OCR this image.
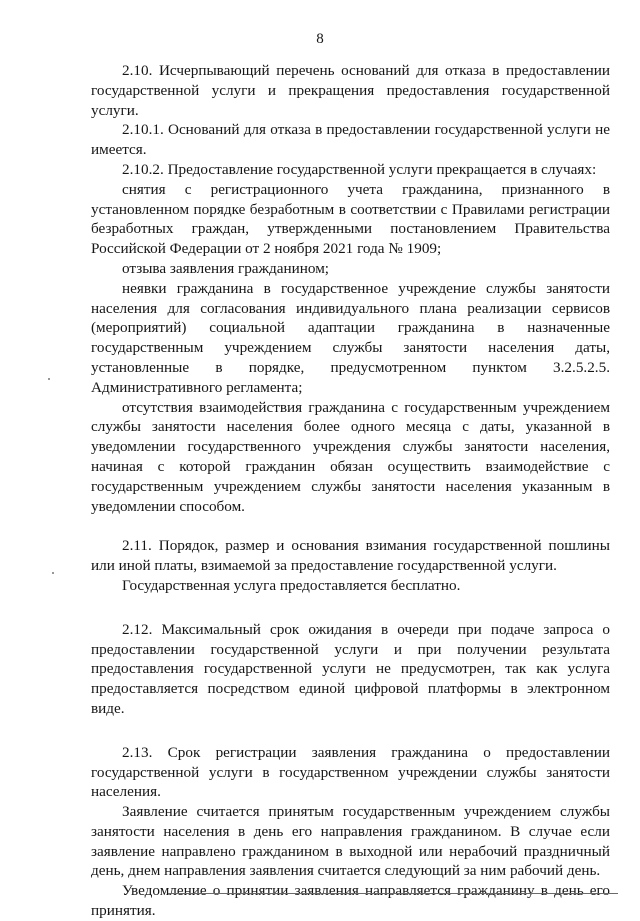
8

2.10. Исчерпывающий перечень оснований для отказа в предоставлении государственной услуги и прекращения предоставления государственной услуги.

2.10.1. Оснований для отказа в предоставлении государственной услуги не имеется.

2.10.2. Предоставление государственной услуги прекращается в случаях:

снятия с регистрационного учета гражданина, признанного в установленном порядке безработным в соответствии с Правилами регистрации безработных граждан, утвержденными постановлением Правительства Российской Федерации от 2 ноября 2021 года № 1909;

отзыва заявления гражданином;

неявки гражданина в государственное учреждение службы занятости населения для согласования индивидуального плана реализации сервисов (мероприятий) социальной адаптации гражданина в назначенные государственным учреждением службы занятости населения даты, установленные в порядке, предусмотренном пунктом 3.2.5.2.5. Административного регламента;

отсутствия взаимодействия гражданина с государственным учреждением службы занятости населения более одного месяца с даты, указанной в уведомлении государственного учреждения службы занятости населения, начиная с которой гражданин обязан осуществить взаимодействие с государственным учреждением службы занятости населения указанным в уведомлении способом.

2.11. Порядок, размер и основания взимания государственной пошлины или иной платы, взимаемой за предоставление государственной услуги.

Государственная услуга предоставляется бесплатно.

2.12. Максимальный срок ожидания в очереди при подаче запроса о предоставлении государственной услуги и при получении результата предоставления государственной услуги не предусмотрен, так как услуга предоставляется посредством единой цифровой платформы в электронном виде.

2.13. Срок регистрации заявления гражданина о предоставлении государственной услуги в государственном учреждении службы занятости населения.

Заявление считается принятым государственным учреждением службы занятости населения в день его направления гражданином. В случае если заявление направлено гражданином в выходной или нерабочий праздничный день, днем направления заявления считается следующий за ним рабочий день.

Уведомление о принятии заявления направляется гражданину в день его принятия.
